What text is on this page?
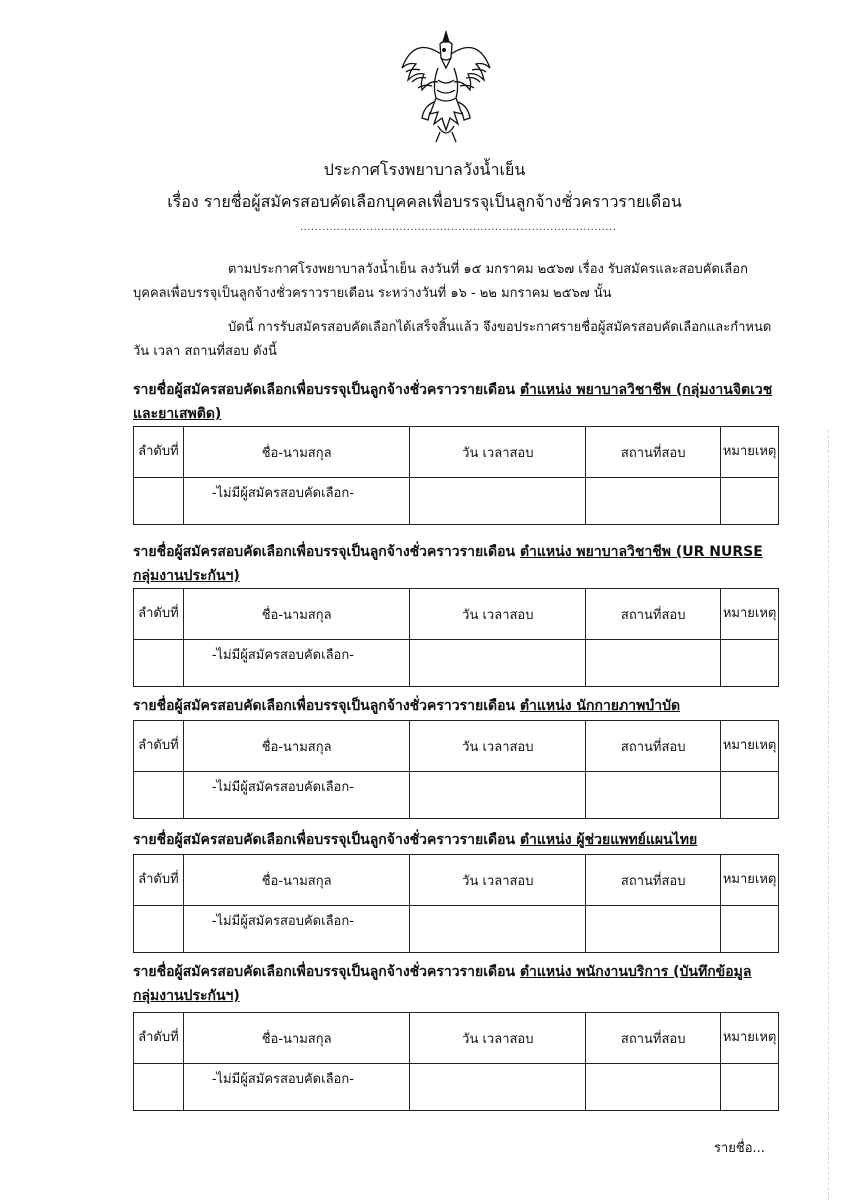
ประกาศโรงพยาบาลวังน้ำเย็น
เรื่อง รายชื่อผู้สมัครสอบคัดเลือกบุคคลเพื่อบรรจุเป็นลูกจ้างชั่วคราวรายเดือน
......................................................................................
ตามประกาศโรงพยาบาลวังน้ำเย็น ลงวันที่ ๑๕ มกราคม ๒๕๖๗ เรื่อง รับสมัครและสอบคัดเลือกบุคคลเพื่อบรรจุเป็นลูกจ้างชั่วคราวรายเดือน ระหว่างวันที่ ๑๖ - ๒๒ มกราคม ๒๕๖๗ นั้น
บัดนี้ การรับสมัครสอบคัดเลือกได้เสร็จสิ้นแล้ว จึงขอประกาศรายชื่อผู้สมัครสอบคัดเลือกและกำหนดวัน เวลา สถานที่สอบ ดังนี้
รายชื่อผู้สมัครสอบคัดเลือกเพื่อบรรจุเป็นลูกจ้างชั่วคราวรายเดือน ตำแหน่ง พยาบาลวิชาชีพ (กลุ่มงานจิตเวชและยาเสพติด)
ลำดับที่	ชื่อ-นามสกุล	วัน เวลาสอบ	สถานที่สอบ	หมายเหตุ
	-ไม่มีผู้สมัครสอบคัดเลือก-			
รายชื่อผู้สมัครสอบคัดเลือกเพื่อบรรจุเป็นลูกจ้างชั่วคราวรายเดือน ตำแหน่ง พยาบาลวิชาชีพ (UR NURSE กลุ่มงานประกันฯ)
ลำดับที่	ชื่อ-นามสกุล	วัน เวลาสอบ	สถานที่สอบ	หมายเหตุ
	-ไม่มีผู้สมัครสอบคัดเลือก-			
รายชื่อผู้สมัครสอบคัดเลือกเพื่อบรรจุเป็นลูกจ้างชั่วคราวรายเดือน ตำแหน่ง นักกายภาพบำบัด
ลำดับที่	ชื่อ-นามสกุล	วัน เวลาสอบ	สถานที่สอบ	หมายเหตุ
	-ไม่มีผู้สมัครสอบคัดเลือก-			
รายชื่อผู้สมัครสอบคัดเลือกเพื่อบรรจุเป็นลูกจ้างชั่วคราวรายเดือน ตำแหน่ง ผู้ช่วยแพทย์แผนไทย
ลำดับที่	ชื่อ-นามสกุล	วัน เวลาสอบ	สถานที่สอบ	หมายเหตุ
	-ไม่มีผู้สมัครสอบคัดเลือก-			
รายชื่อผู้สมัครสอบคัดเลือกเพื่อบรรจุเป็นลูกจ้างชั่วคราวรายเดือน ตำแหน่ง พนักงานบริการ (บันทึกข้อมูล กลุ่มงานประกันฯ)
ลำดับที่	ชื่อ-นามสกุล	วัน เวลาสอบ	สถานที่สอบ	หมายเหตุ
	-ไม่มีผู้สมัครสอบคัดเลือก-			
รายชื่อ...
